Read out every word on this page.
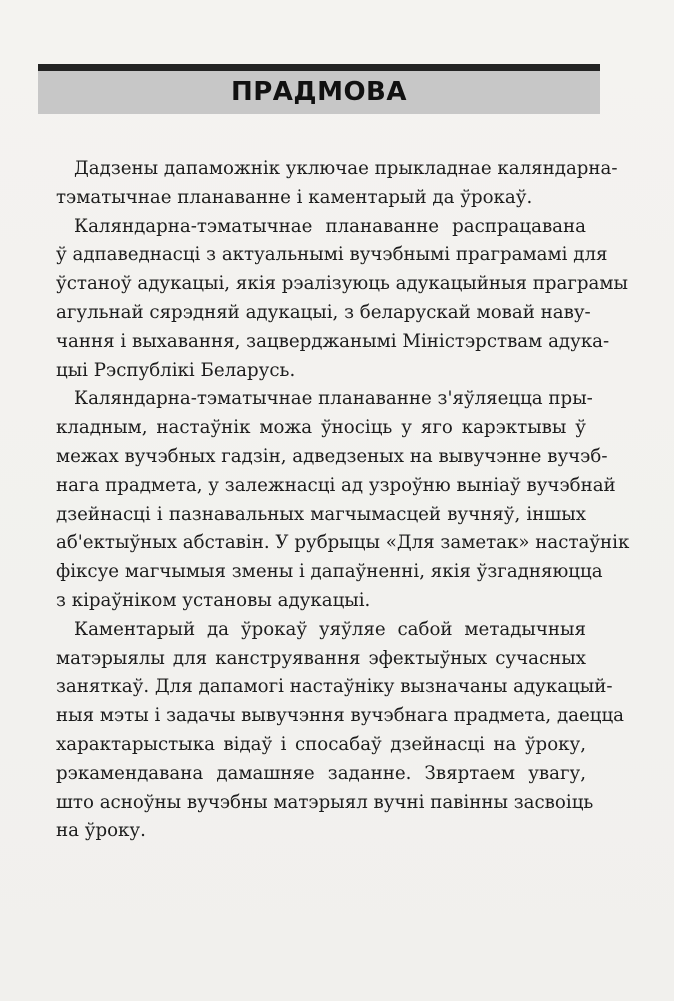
ПРАДМОВА
Дадзены дапаможнік уключае прыкладнае каляндарна-
тэматычнае планаванне і каментарый да ўрокаў.
Каляндарна-тэматычнае планаванне распрацавана
ў адпаведнасці з актуальнымі вучэбнымі праграмамі для
ўстаноў адукацыі, якія рэалізуюць адукацыйныя праграмы
агульнай сярэдняй адукацыі, з беларускай мовай наву-
чання і выхавання, зацверджанымі Міністэрствам адука-
цыі Рэспублікі Беларусь.
Каляндарна-тэматычнае планаванне з'яўляецца пры-
кладным, настаўнік можа ўносіць у яго карэктывы ў
межах вучэбных гадзін, адведзеных на вывучэнне вучэб-
нага прадмета, у залежнасці ад узроўню выніаў вучэбнай
дзейнасці і пазнавальных магчымасцей вучняў, іншых
аб'ектыўных абставін. У рубрыцы «Для заметак» настаўнік
фіксуе магчымыя змены і дапаўненні, якія ўзгадняюцца
з кіраўніком установы адукацыі.
Каментарый да ўрокаў уяўляе сабой метадычныя
матэрыялы для канструявання эфектыўных сучасных
заняткаў. Для дапамогі настаўніку вызначаны адукацый-
ныя мэты і задачы вывучэння вучэбнага прадмета, даецца
характарыстыка відаў і спосабаў дзейнасці на ўроку,
рэкамендавана дамашняе заданне. Звяртаем увагу,
што асноўны вучэбны матэрыял вучні павінны засвоіць
на ўроку.
